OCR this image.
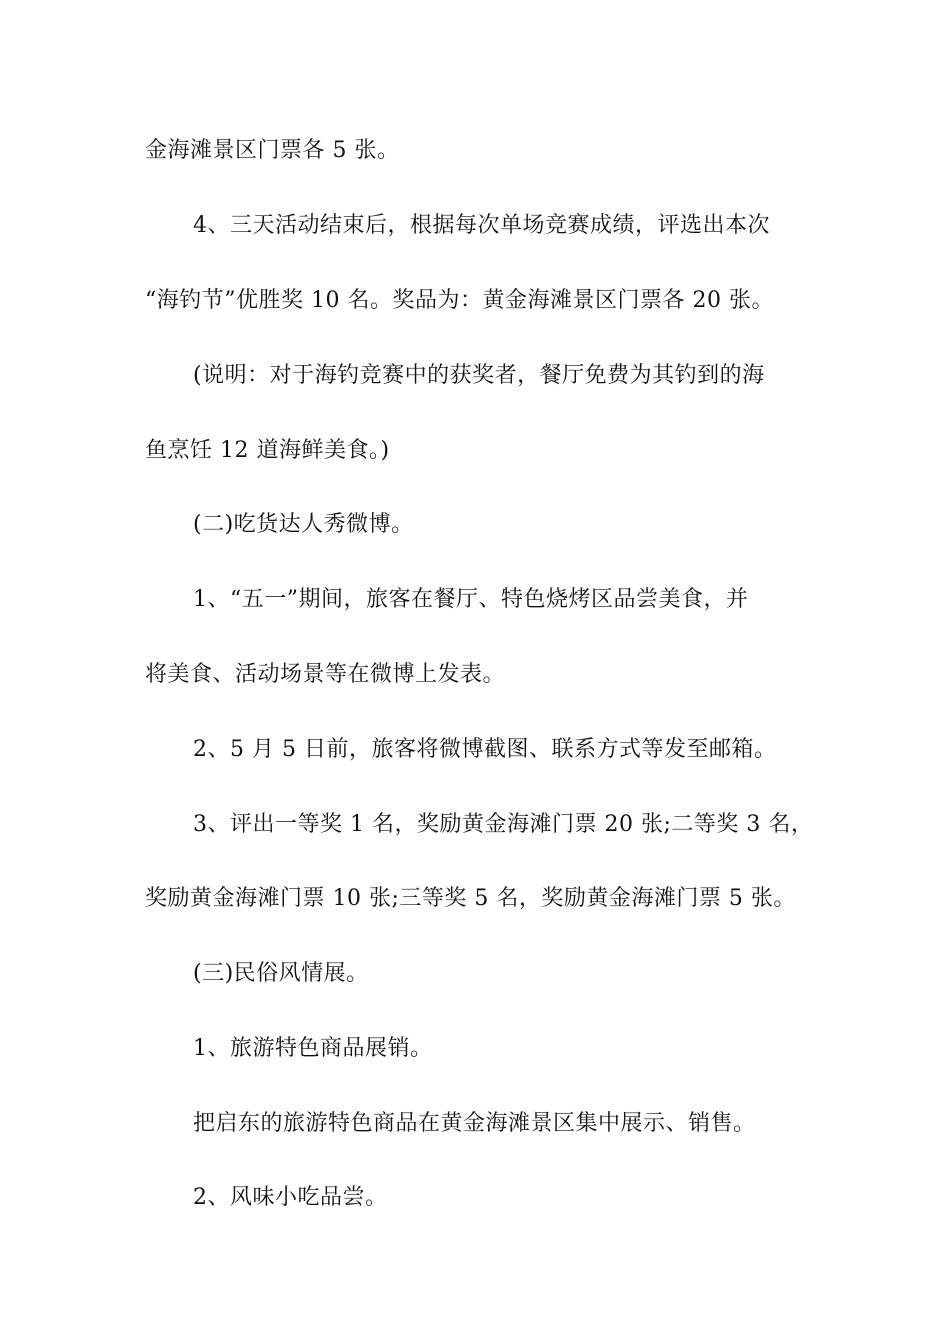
金海滩景区门票各 5 张。
4、三天活动结束后，根据每次单场竞赛成绩，评选出本次
“海钓节”优胜奖 10 名。奖品为：黄金海滩景区门票各 20 张。
(说明：对于海钓竞赛中的获奖者，餐厅免费为其钓到的海
鱼烹饪 12 道海鲜美食。)
(二)吃货达人秀微博。
1、“五一”期间，旅客在餐厅、特色烧烤区品尝美食，并
将美食、活动场景等在微博上发表。
2、5 月 5 日前，旅客将微博截图、联系方式等发至邮箱。
3、评出一等奖 1 名，奖励黄金海滩门票 20 张;二等奖 3 名，
奖励黄金海滩门票 10 张;三等奖 5 名，奖励黄金海滩门票 5 张。
(三)民俗风情展。
1、旅游特色商品展销。
把启东的旅游特色商品在黄金海滩景区集中展示、销售。
2、风味小吃品尝。
